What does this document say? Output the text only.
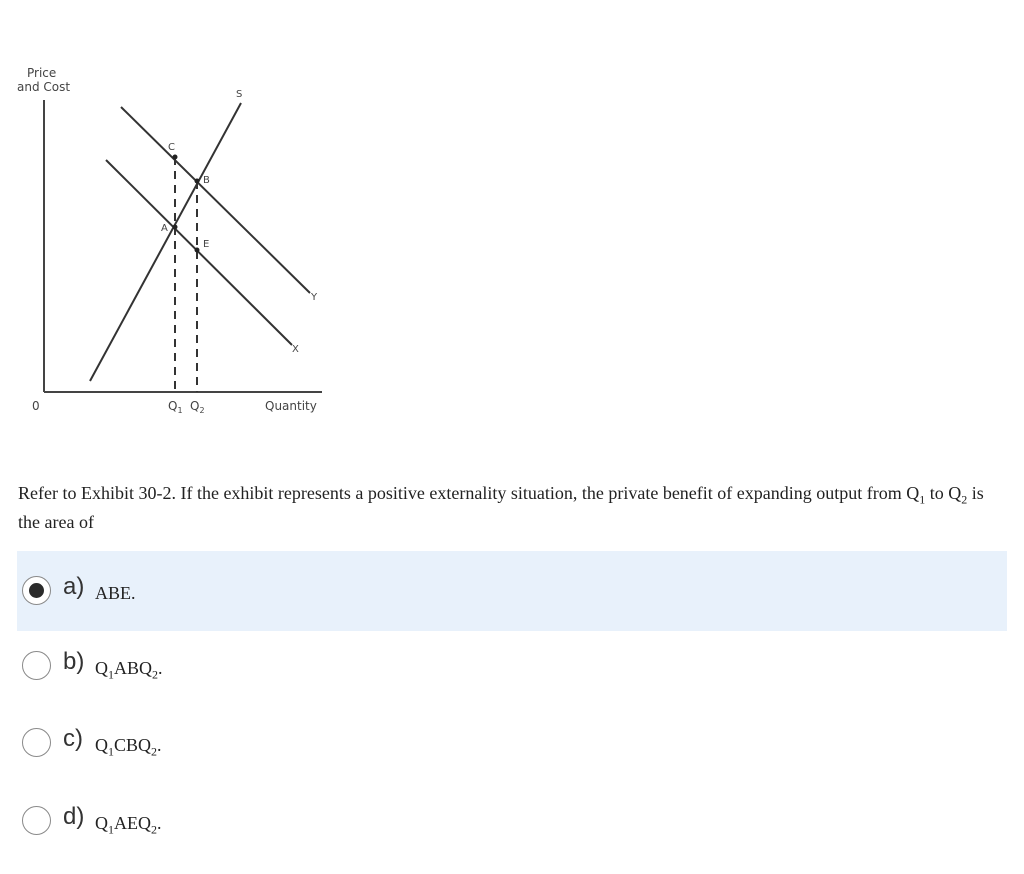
Price
and Cost
0	Quantity
$Q_1$ $Q_2$
C
B
A
E
S
Y
X
Refer to Exhibit 30-2. If the exhibit represents a positive externality situation, the private benefit of expanding output from $Q_1$ to $Q_2$ is the area of
a) ABE.
b) $Q_1ABQ_2$.
c) $Q_1CBQ_2$.
d) $Q_1AEQ_2$.
